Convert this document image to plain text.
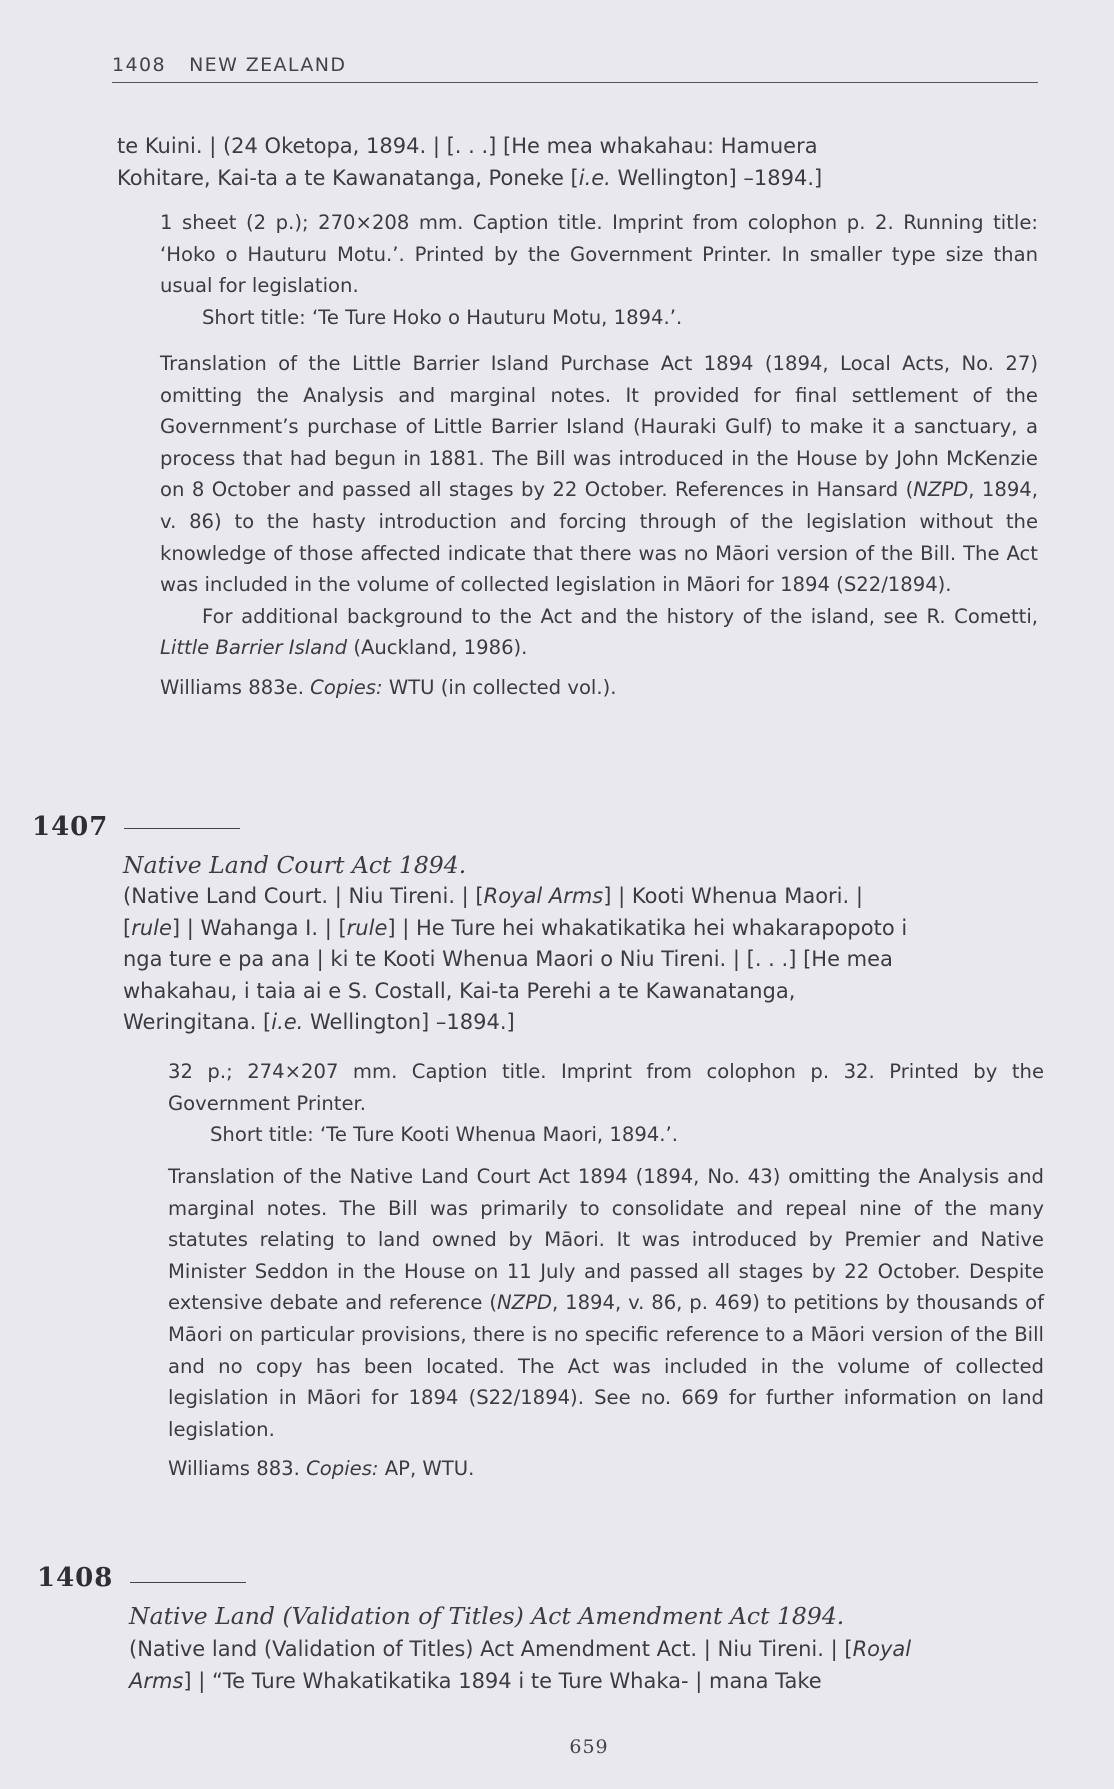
1408 NEW ZEALAND
te Kuini. | (24 Oketopa, 1894. | [. . .] [He mea whakahau: Hamuera
Kohitare, Kai-ta a te Kawanatanga, Poneke [i.e. Wellington] –1894.]

1 sheet (2 p.); 270×208 mm. Caption title. Imprint from colophon p. 2. Running title: ‘Hoko o Hauturu Motu.’. Printed by the Government Printer. In smaller type size than usual for legislation.

Short title: ‘Te Ture Hoko o Hauturu Motu, 1894.’.

Translation of the Little Barrier Island Purchase Act 1894 (1894, Local Acts, No. 27) omitting the Analysis and marginal notes. It provided for final settlement of the Government’s purchase of Little Barrier Island (Hauraki Gulf) to make it a sanctuary, a process that had begun in 1881. The Bill was introduced in the House by John McKenzie on 8 October and passed all stages by 22 October. References in Hansard (NZPD, 1894, v. 86) to the hasty introduction and forcing through of the legislation without the knowledge of those affected indicate that there was no Māori version of the Bill. The Act was included in the volume of collected legislation in Māori for 1894 (S22/1894).

For additional background to the Act and the history of the island, see R. Cometti, Little Barrier Island (Auckland, 1986).

Williams 883e. Copies: WTU (in collected vol.).

1407
Native Land Court Act 1894.
(Native Land Court. | Niu Tireni. | [Royal Arms] | Kooti Whenua Maori. |
[rule] | Wahanga I. | [rule] | He Ture hei whakatikatika hei whakarapopoto i
nga ture e pa ana | ki te Kooti Whenua Maori o Niu Tireni. | [. . .] [He mea
whakahau, i taia ai e S. Costall, Kai-ta Perehi a te Kawanatanga,
Weringitana. [i.e. Wellington] –1894.]

32 p.; 274×207 mm. Caption title. Imprint from colophon p. 32. Printed by the Government Printer.

Short title: ‘Te Ture Kooti Whenua Maori, 1894.’.

Translation of the Native Land Court Act 1894 (1894, No. 43) omitting the Analysis and marginal notes. The Bill was primarily to consolidate and repeal nine of the many statutes relating to land owned by Māori. It was introduced by Premier and Native Minister Seddon in the House on 11 July and passed all stages by 22 October. Despite extensive debate and reference (NZPD, 1894, v. 86, p. 469) to petitions by thousands of Māori on particular provisions, there is no specific reference to a Māori version of the Bill and no copy has been located. The Act was included in the volume of collected legislation in Māori for 1894 (S22/1894). See no. 669 for further information on land legislation.

Williams 883. Copies: AP, WTU.

1408
Native Land (Validation of Titles) Act Amendment Act 1894.
(Native land (Validation of Titles) Act Amendment Act. | Niu Tireni. | [Royal
Arms] | “Te Ture Whakatikatika 1894 i te Ture Whaka- | mana Take
659
